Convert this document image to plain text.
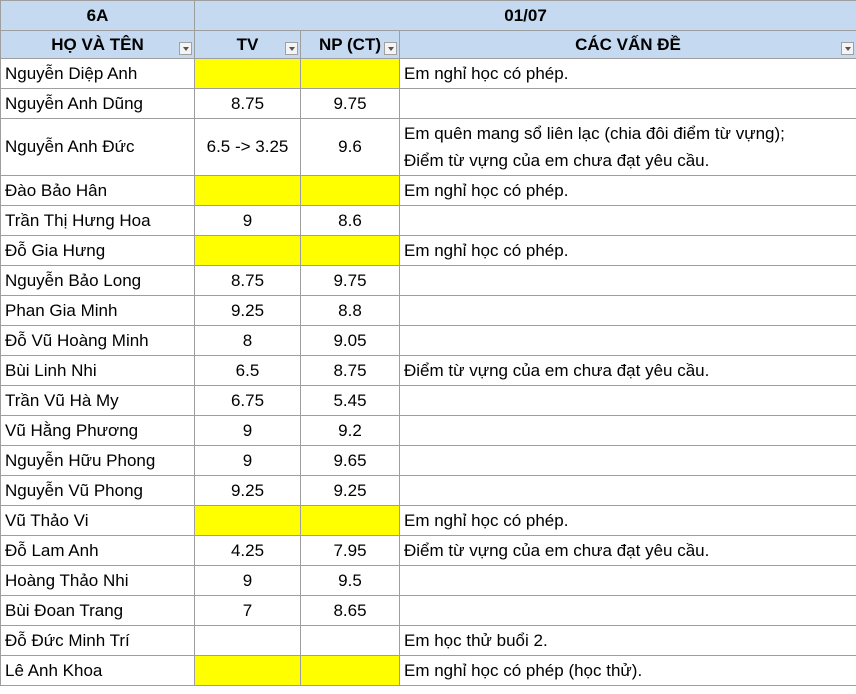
6A	01/07		
HỌ VÀ TÊN	TV	NP (CT)	CÁC VẤN ĐỀ

Nguyễn Diệp Anh			Em nghỉ học có phép.
Nguyễn Anh Dũng	8.75	9.75	
Nguyễn Anh Đức	6.5 -> 3.25	9.6	Em quên mang sổ liên lạc (chia đôi điểm từ vựng);
Điểm từ vựng của em chưa đạt yêu cầu.

Đào Bảo Hân			Em nghỉ học có phép.
Trần Thị Hưng Hoa	9	8.6	
Đỗ Gia Hưng			Em nghỉ học có phép.
Nguyễn Bảo Long	8.75	9.75	
Phan Gia Minh	9.25	8.8	
Đỗ Vũ Hoàng Minh	8	9.05	
Bùi Linh Nhi	6.5	8.75	Điểm từ vựng của em chưa đạt yêu cầu.
Trần Vũ Hà My	6.75	5.45	
Vũ Hằng Phương	9	9.2	
Nguyễn Hữu Phong	9	9.65	
Nguyễn Vũ Phong	9.25	9.25	
Vũ Thảo Vi			Em nghỉ học có phép.
Đỗ Lam Anh	4.25	7.95	Điểm từ vựng của em chưa đạt yêu cầu.
Hoàng Thảo Nhi	9	9.5	
Bùi Đoan Trang	7	8.65	
Đỗ Đức Minh Trí			Em học thử buổi 2.
Lê Anh Khoa			Em nghỉ học có phép (học thử).
